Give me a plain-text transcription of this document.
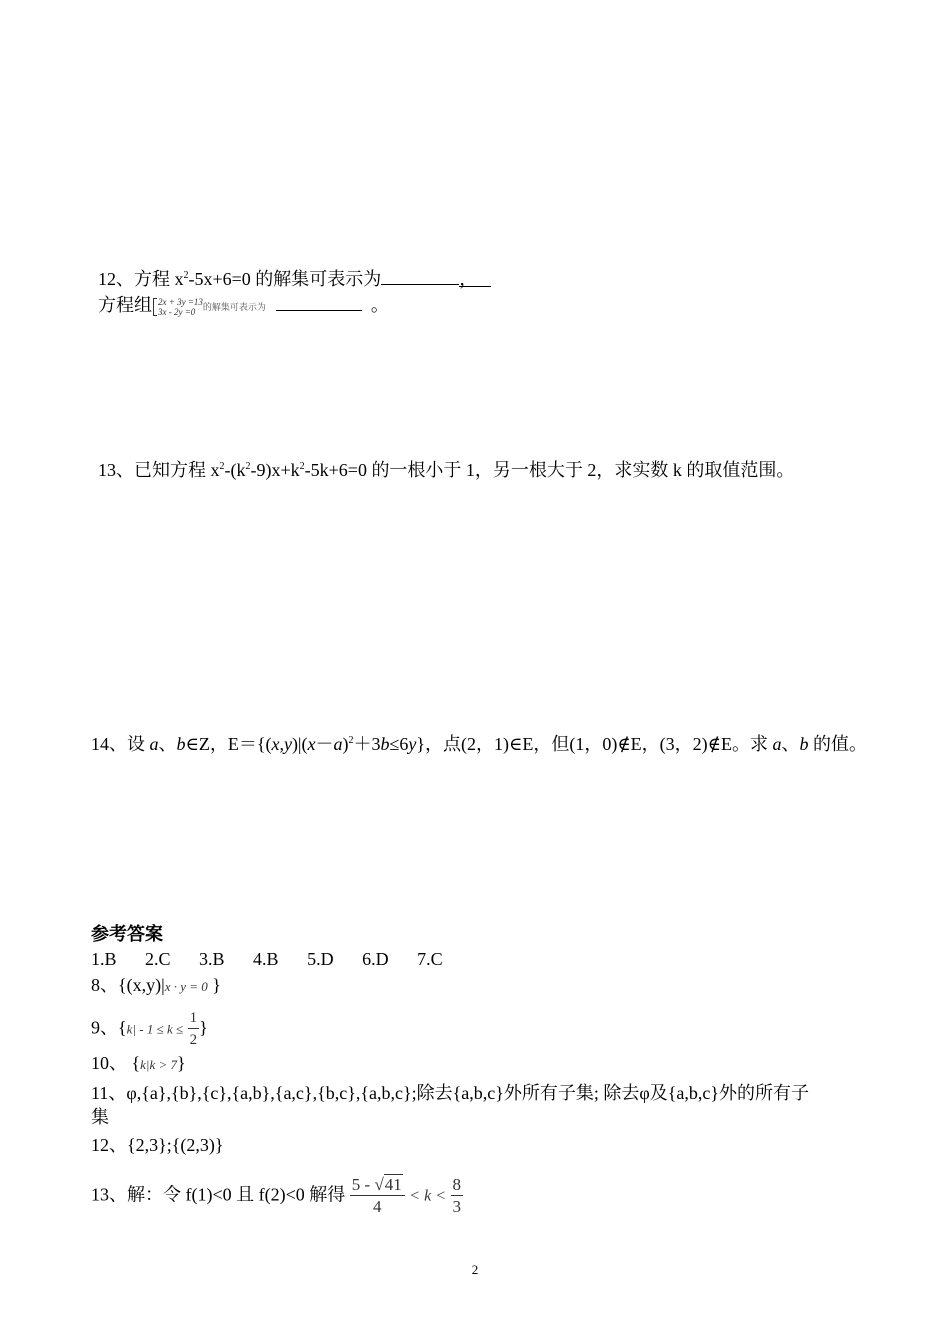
12、方程 $x^2-5x+6=0$ 的解集可表示为	，
方程组 2x + 3y =13
3x - 2y =0 的解集可表示为	。
13、已知方程 $x^2-(k^2-9)x+k^2-5k+6=0$ 的一根小于 1，另一根大于 2，求实数 k 的取值范围。
14、设 a、b∈Z，$E=\{(x,y)|(x-a)^2+3b\le 6y\}$，点(2，1)∈E，但(1，0)∉E，(3，2)∉E。求 a、b 的值。
参考答案
1.B 2.C 3.B 4.B 5.D 6.D 7.C
8、{(x,y)|x · y = 0 }
9、{$k| - 1 \le k \le \frac{1}{2}$ }
10、 {k|k > 7}
11、φ,{a},{b},{c},{a,b},{a,c},{b,c},{a,b,c};除去{a,b,c}外所有子集; 除去φ及{a,b,c}外的所有子
集
12、{2,3};{(2,3)}
13、解：令 f(1)<0 且 f(2)<0 解得 $\frac{5 - √41}{4} < k < \frac{8}{3}$
2
